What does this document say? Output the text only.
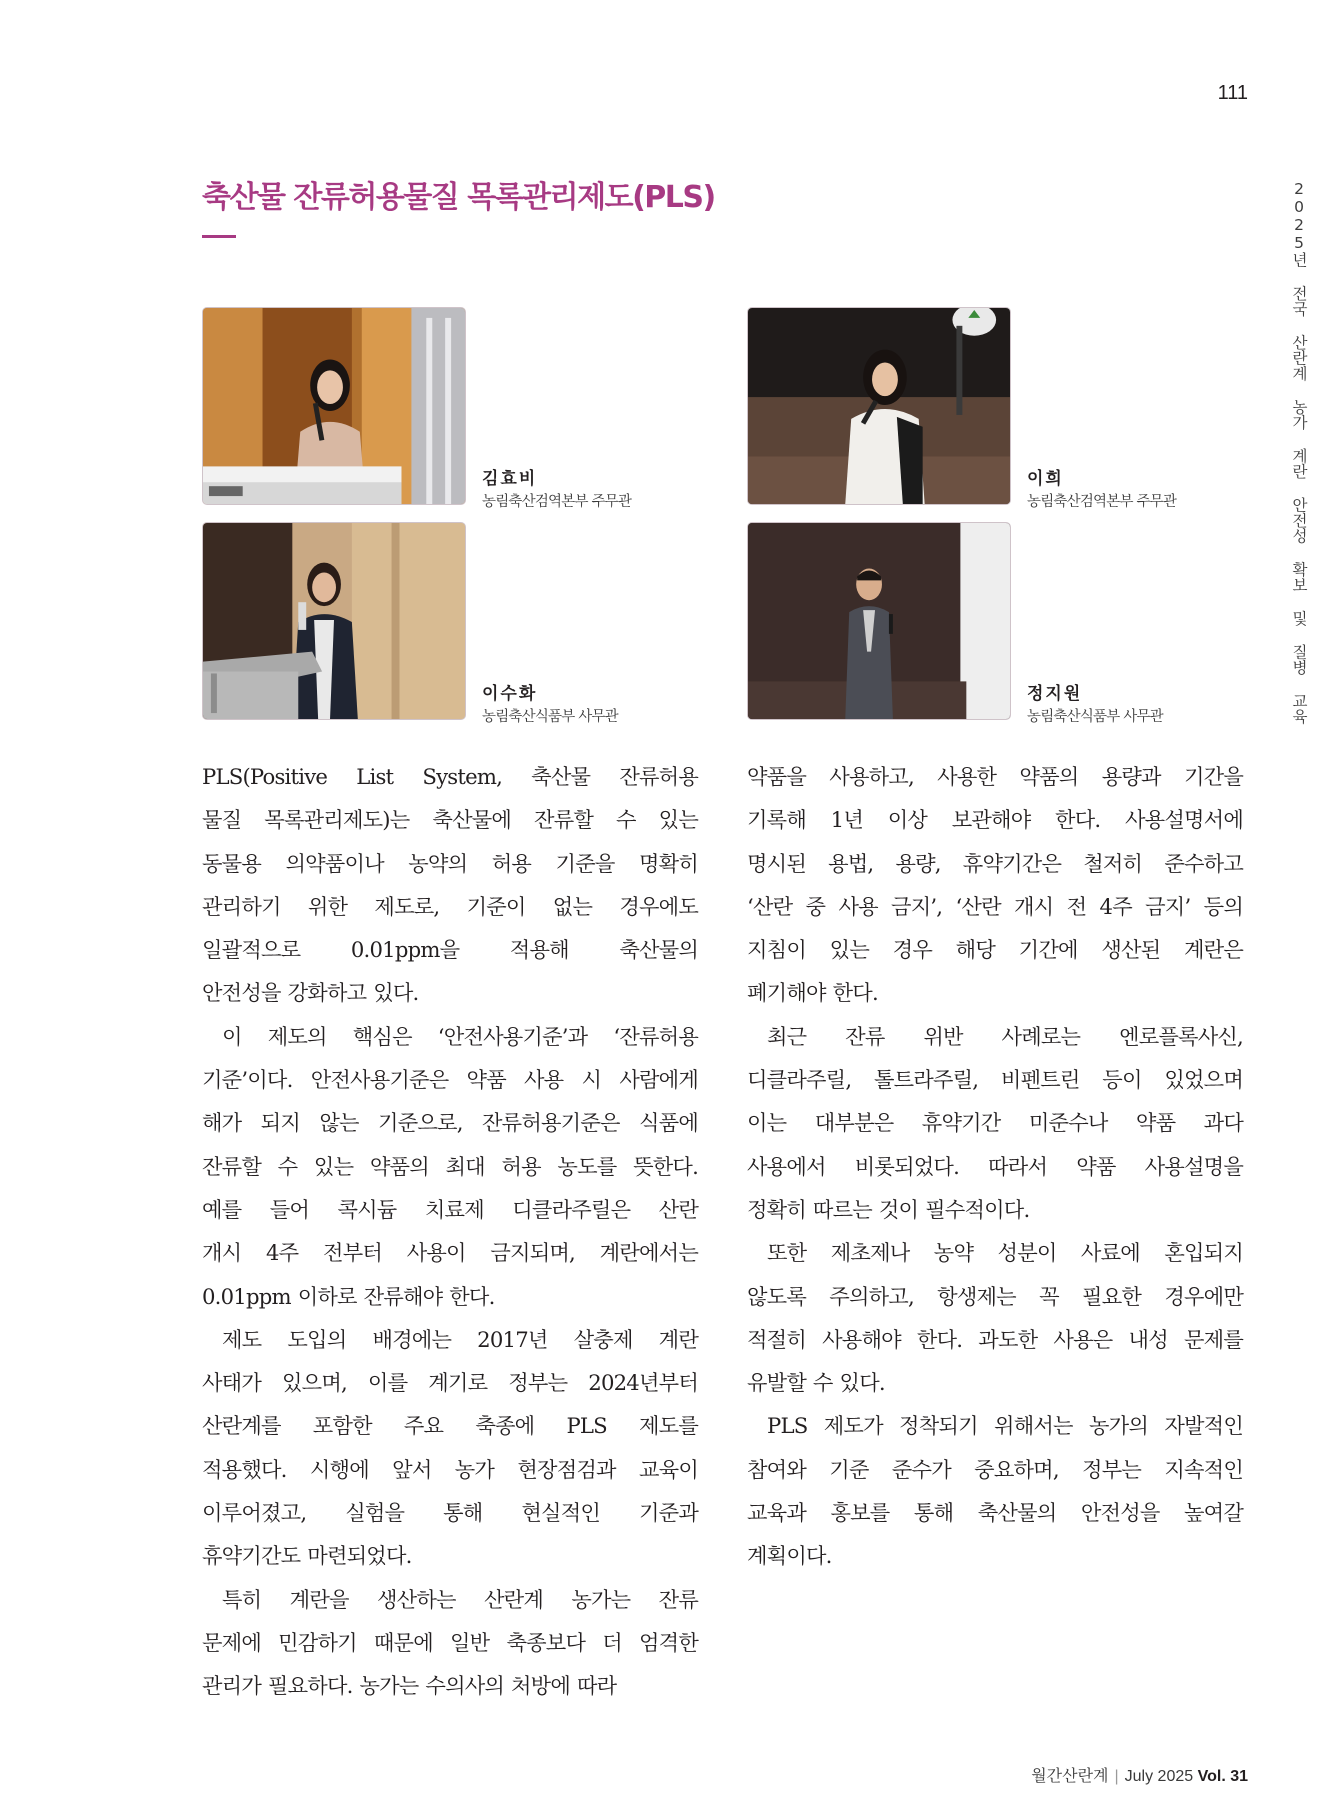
111
축산물 잔류허용물질 목록관리제도(PLS)	2025년 전국 산란계 농가 계란 안전성 확보 및 질병 교육
김효비
농림축산검역본부 주무관
이희
농림축산검역본부 주무관
이수화
농림축산식품부 사무관
정지원
농림축산식품부 사무관
PLS(Positive List System, 축산물 잔류허용
물질 목록관리제도)는 축산물에 잔류할 수 있는
동물용 의약품이나 농약의 허용 기준을 명확히
관리하기 위한 제도로, 기준이 없는 경우에도
일괄적으로 0.01ppm을 적용해 축산물의
안전성을 강화하고 있다.
이 제도의 핵심은 ‘안전사용기준’과 ‘잔류허용
기준’이다. 안전사용기준은 약품 사용 시 사람에게
해가 되지 않는 기준으로, 잔류허용기준은 식품에
잔류할 수 있는 약품의 최대 허용 농도를 뜻한다.
예를 들어 콕시듐 치료제 디클라주릴은 산란
개시 4주 전부터 사용이 금지되며, 계란에서는
0.01ppm 이하로 잔류해야 한다.
제도 도입의 배경에는 2017년 살충제 계란
사태가 있으며, 이를 계기로 정부는 2024년부터
산란계를 포함한 주요 축종에 PLS 제도를
적용했다. 시행에 앞서 농가 현장점검과 교육이
이루어졌고, 실험을 통해 현실적인 기준과
휴약기간도 마련되었다.
특히 계란을 생산하는 산란계 농가는 잔류
문제에 민감하기 때문에 일반 축종보다 더 엄격한
관리가 필요하다. 농가는 수의사의 처방에 따라
약품을 사용하고, 사용한 약품의 용량과 기간을
기록해 1년 이상 보관해야 한다. 사용설명서에
명시된 용법, 용량, 휴약기간은 철저히 준수하고
‘산란 중 사용 금지’, ‘산란 개시 전 4주 금지’ 등의
지침이 있는 경우 해당 기간에 생산된 계란은
폐기해야 한다.
최근 잔류 위반 사례로는 엔로플록사신,
디클라주릴, 톨트라주릴, 비펜트린 등이 있었으며
이는 대부분은 휴약기간 미준수나 약품 과다
사용에서 비롯되었다. 따라서 약품 사용설명을
정확히 따르는 것이 필수적이다.
또한 제초제나 농약 성분이 사료에 혼입되지
않도록 주의하고, 항생제는 꼭 필요한 경우에만
적절히 사용해야 한다. 과도한 사용은 내성 문제를
유발할 수 있다.
PLS 제도가 정착되기 위해서는 농가의 자발적인
참여와 기준 준수가 중요하며, 정부는 지속적인
교육과 홍보를 통해 축산물의 안전성을 높여갈
계획이다.
월간산란계 | July 2025 Vol. 31
